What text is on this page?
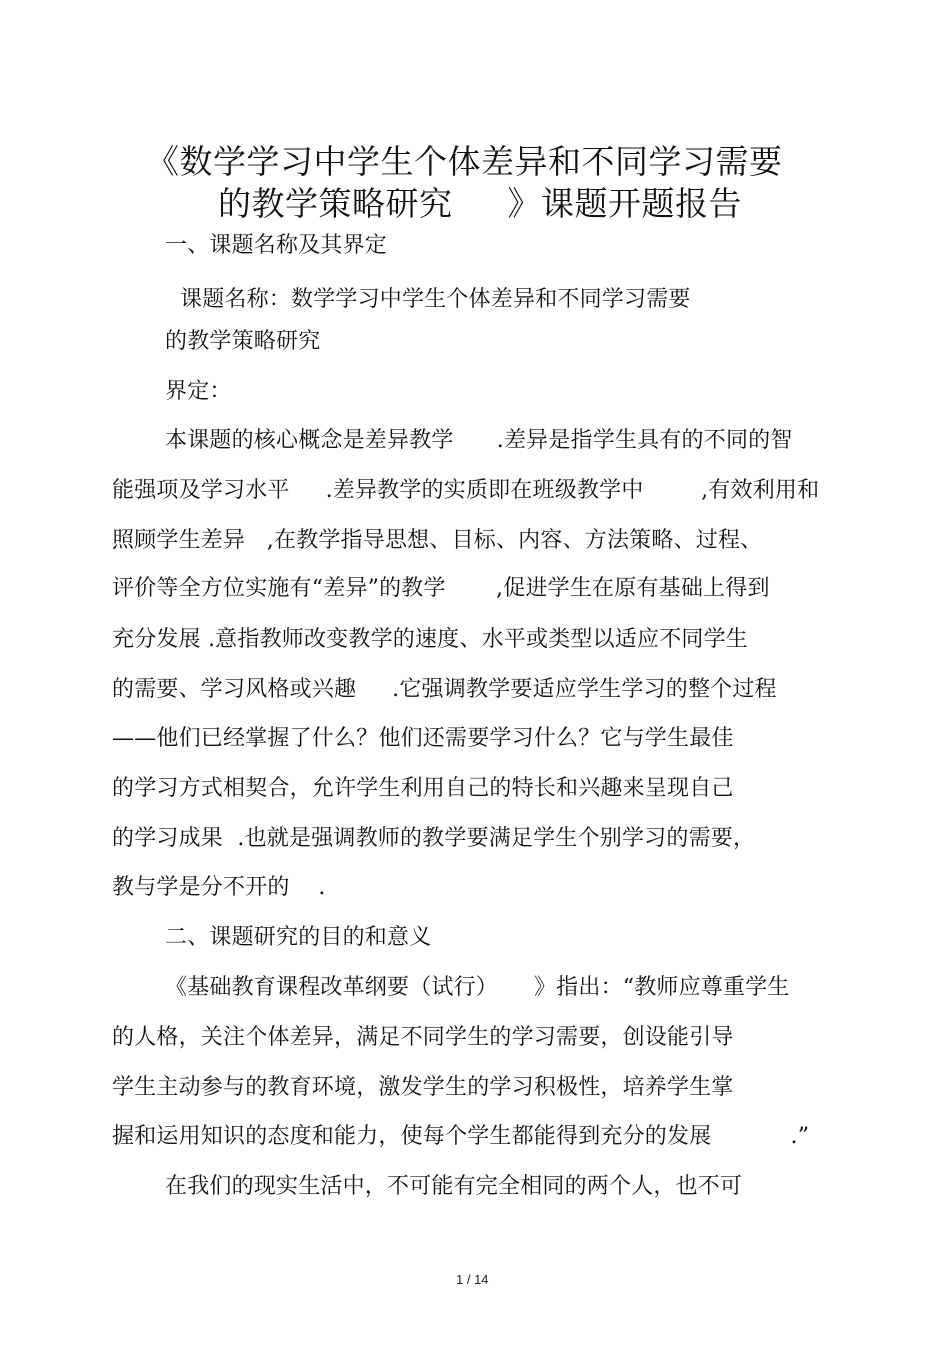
《数学学习中学生个体差异和不同学习需要
的教学策略研究     》课题开题报告
一、课题名称及其界定
课题名称：数学学习中学生个体差异和不同学习需要
的教学策略研究
界定：
本课题的核心概念是差异教学      .差异是指学生具有的不同的智
能强项及学习水平     .差异教学的实质即在班级教学中        ,有效利用和
照顾学生差异   ,在教学指导思想、目标、内容、方法策略、过程、
评价等全方位实施有“差异”的教学       ,促进学生在原有基础上得到
充分发展 .意指教师改变教学的速度、水平或类型以适应不同学生
的需要、学习风格或兴趣     .它强调教学要适应学生学习的整个过程
——他们已经掌握了什么？他们还需要学习什么？它与学生最佳
的学习方式相契合，允许学生利用自己的特长和兴趣来呈现自己
的学习成果  .也就是强调教师的教学要满足学生个别学习的需要，
教与学是分不开的    .
二、课题研究的目的和意义
《基础教育课程改革纲要（试行）     》指出：“教师应尊重学生
的人格，关注个体差异，满足不同学生的学习需要，创设能引导
学生主动参与的教育环境，激发学生的学习积极性，培养学生掌
握和运用知识的态度和能力，使每个学生都能得到充分的发展           .”
在我们的现实生活中，不可能有完全相同的两个人，也不可
1 / 14
